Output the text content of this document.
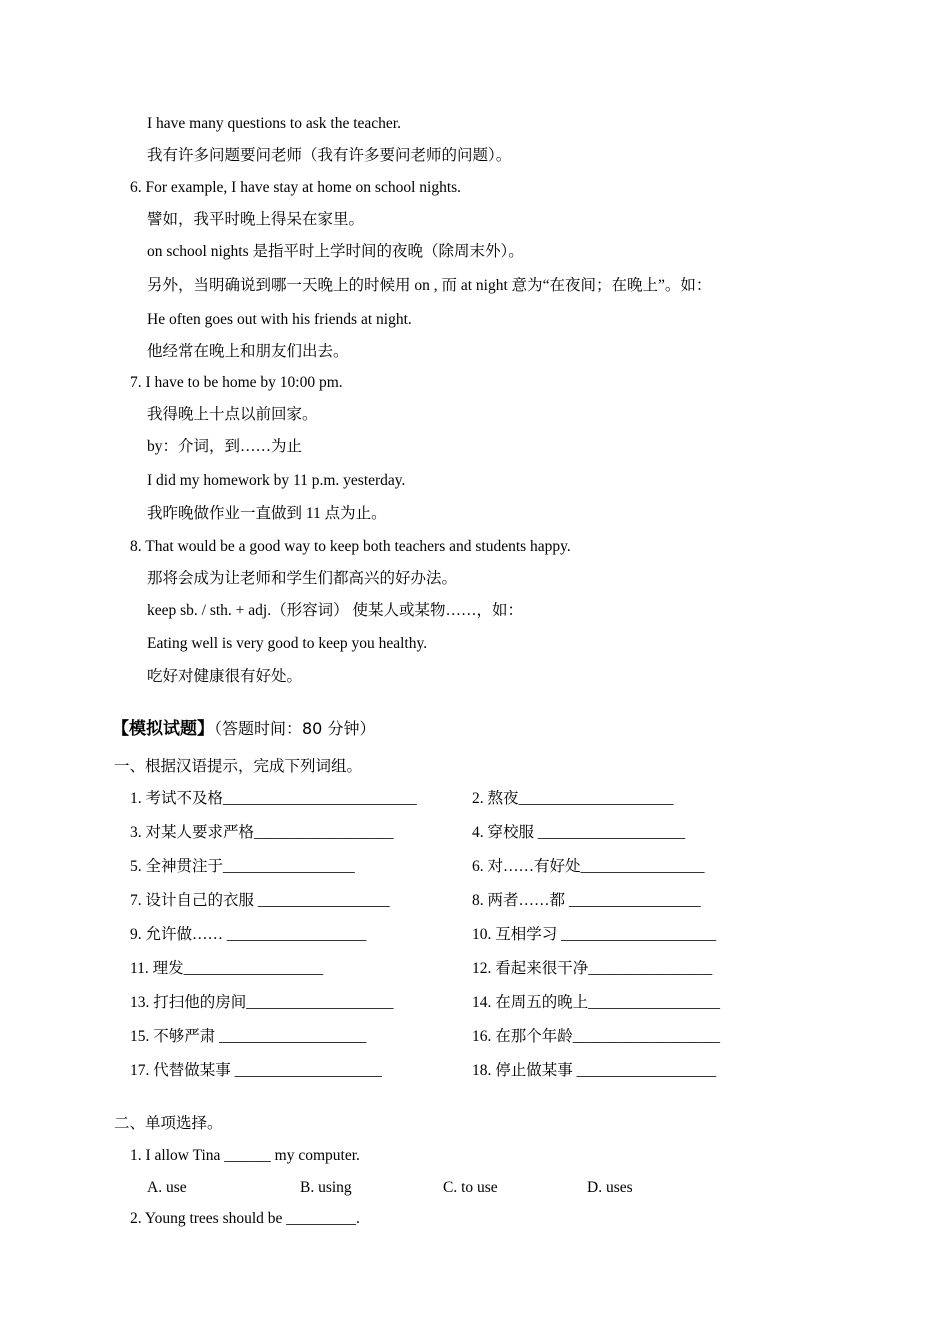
I have many questions to ask the teacher.
我有许多问题要问老师（我有许多要问老师的问题）。
6. For example, I have stay at home on school nights.
譬如，我平时晚上得呆在家里。
on school nights 是指平时上学时间的夜晚（除周末外）。
另外，当明确说到哪一天晚上的时候用 on , 而 at night 意为“在夜间；在晚上”。如：
He often goes out with his friends at night.
他经常在晚上和朋友们出去。
7. I have to be home by 10:00 pm.
我得晚上十点以前回家。
by：介词，到……为止
I did my homework by 11 p.m. yesterday.
我昨晚做作业一直做到 11 点为止。
8. That would be a good way to keep both teachers and students happy.
那将会成为让老师和学生们都高兴的好办法。
keep sb. / sth. + adj.（形容词） 使某人或某物……，如：
Eating well is very good to keep you healthy.
吃好对健康很有好处。
【模拟试题】（答题时间：80 分钟）
一、根据汉语提示，完成下列词组。
1. 考试不及格_________________________	2. 熬夜____________________
3. 对某人要求严格__________________	4. 穿校服 ___________________
5. 全神贯注于_________________	6. 对……有好处________________
7. 设计自己的衣服 _________________	8. 两者……都 _________________
9. 允许做…… __________________	10. 互相学习 ____________________
11. 理发__________________	12. 看起来很干净________________
13. 打扫他的房间___________________	14. 在周五的晚上_________________
15. 不够严肃 ___________________	16. 在那个年龄___________________
17. 代替做某事 ___________________	18. 停止做某事 __________________
二、单项选择。
1. I allow Tina ______ my computer.
A. use	B. using	C. to use	D. uses
2. Young trees should be _________.
